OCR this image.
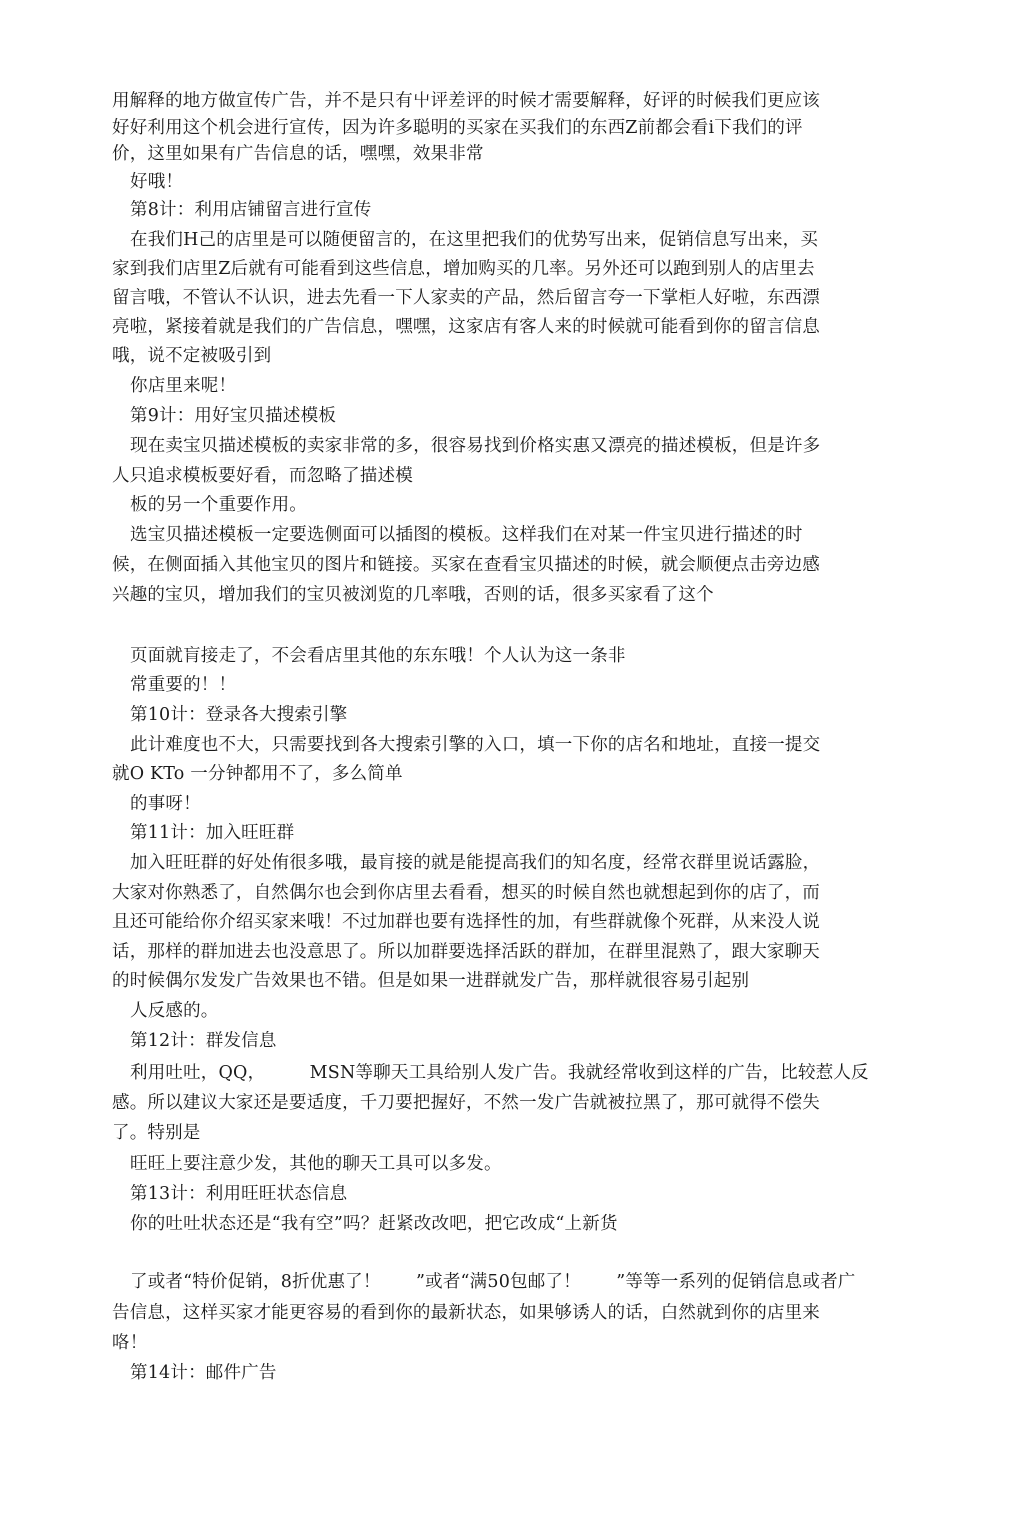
用解释的地方做宣传广告，并不是只有屮评差评的时候才需要解释，好评的时候我们更应该
好好利用这个机会进行宣传，因为许多聪明的买家在买我们的东西Z前都会看i下我们的评
价，这里如果有广告信息的话，嘿嘿，效果非常
好哦！
第8计：利用店铺留言进行宣传
在我们H己的店里是可以随便留言的，在这里把我们的优势写出来，促销信息写出来，买
家到我们店里Z后就有可能看到这些信息，增加购买的几率。另外还可以跑到别人的店里去
留言哦，不管认不认识，进去先看一下人家卖的产品，然后留言夸一下掌柜人好啦，东西漂
亮啦，紧接着就是我们的广告信息，嘿嘿，这家店有客人来的时候就可能看到你的留言信息
哦，说不定被吸引到
你店里来呢！
第9计：用好宝贝描述模板
现在卖宝贝描述模板的卖家非常的多，很容易找到价格实惠又漂亮的描述模板，但是许多
人只追求模板要好看，而忽略了描述模
板的另一个重要作用。
选宝贝描述模板一定要选侧面可以插图的模板。这样我们在对某一件宝贝进行描述的时
候，在侧面插入其他宝贝的图片和链接。买家在查看宝贝描述的时候，就会顺便点击旁边感
兴趣的宝贝，增加我们的宝贝被浏览的几率哦，否则的话，很多买家看了这个
页面就肓接走了，不会看店里其他的东东哦！个人认为这一条非
常重要的！！
第10计：登录各大搜索引擎
此计难度也不大，只需要找到各大搜索引擎的入口，填一下你的店名和地址，直接一提交
就O KTo 一分钟都用不了，多么简单
的事呀！
第11计：加入旺旺群
加入旺旺群的好处侑很多哦，最肓接的就是能提高我们的知名度，经常衣群里说话露脸，
大家对你熟悉了，自然偶尔也会到你店里去看看，想买的时候自然也就想起到你的店了，而
且还可能给你介绍买家来哦！不过加群也要有选择性的加，有些群就像个死群，从来没人说
话，那样的群加进去也没意思了。所以加群要选择活跃的群加，在群里混熟了，跟大家聊天
的时候偶尔发发广告效果也不错。但是如果一进群就发广告，那样就很容易引起别
人反感的。
第12计：群发信息
利用吐吐，QQ，　　　MSN等聊天工具给别人发广告。我就经常收到这样的广告，比较惹人反
感。所以建议大家还是要适度，千刀要把握好，不然一发广告就被拉黑了，那可就得不偿失
了。特别是
旺旺上要注意少发，其他的聊天工具可以多发。
第13计：利用旺旺状态信息
你的吐吐状态还是“我有空”吗？赶紧改改吧，把它改成“上新货
了或者“特价促销，8折优惠了！　　”或者“满50包邮了！　　”等等一系列的促销信息或者广
告信息，这样买家才能更容易的看到你的最新状态，如果够诱人的话，白然就到你的店里来
咯！
第14计：邮件广告
